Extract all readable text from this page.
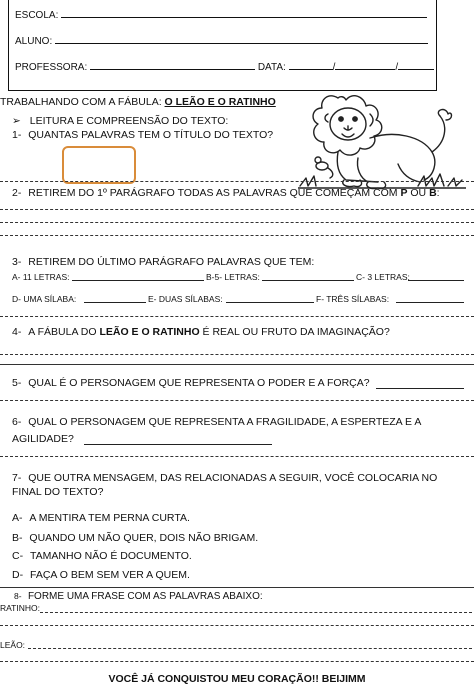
ESCOLA:
ALUNO:
PROFESSORA:	DATA:	/	/
TRABALHANDO COM A FÁBULA: O LEÃO E O RATINHO
➢ LEITURA E COMPREENSÃO DO TEXTO:
1- QUANTAS PALAVRAS TEM O TÍTULO DO TEXTO?
2- RETIREM DO 1º PARÁGRAFO TODAS AS PALAVRAS QUE COMEÇAM COM P OU B:
3- RETIREM DO ÚLTIMO PARÁGRAFO PALAVRAS QUE TEM:
A- 11 LETRAS:	B-5- LETRAS:	C- 3 LETRAS:
D- UMA SÍLABA:	E- DUAS SÍLABAS:	F- TRÊS SÍLABAS:
4- A FÁBULA DO LEÃO E O RATINHO É REAL OU FRUTO DA IMAGINAÇÃO?
5- QUAL É O PERSONAGEM QUE REPRESENTA O PODER E A FORÇA?
6- QUAL O PERSONAGEM QUE REPRESENTA A FRAGILIDADE, A ESPERTEZA E A
AGILIDADE?
7- QUE OUTRA MENSAGEM, DAS RELACIONADAS A SEGUIR, VOCÊ COLOCARIA NO
FINAL DO TEXTO?
A- A MENTIRA TEM PERNA CURTA.
B- QUANDO UM NÃO QUER, DOIS NÃO BRIGAM.
C- TAMANHO NÃO É DOCUMENTO.
D- FAÇA O BEM SEM VER A QUEM.
8- FORME UMA FRASE COM AS PALAVRAS ABAIXO:
RATINHO:
LEÃO:
VOCÊ JÁ CONQUISTOU MEU CORAÇÃO!! BEIJIMM
